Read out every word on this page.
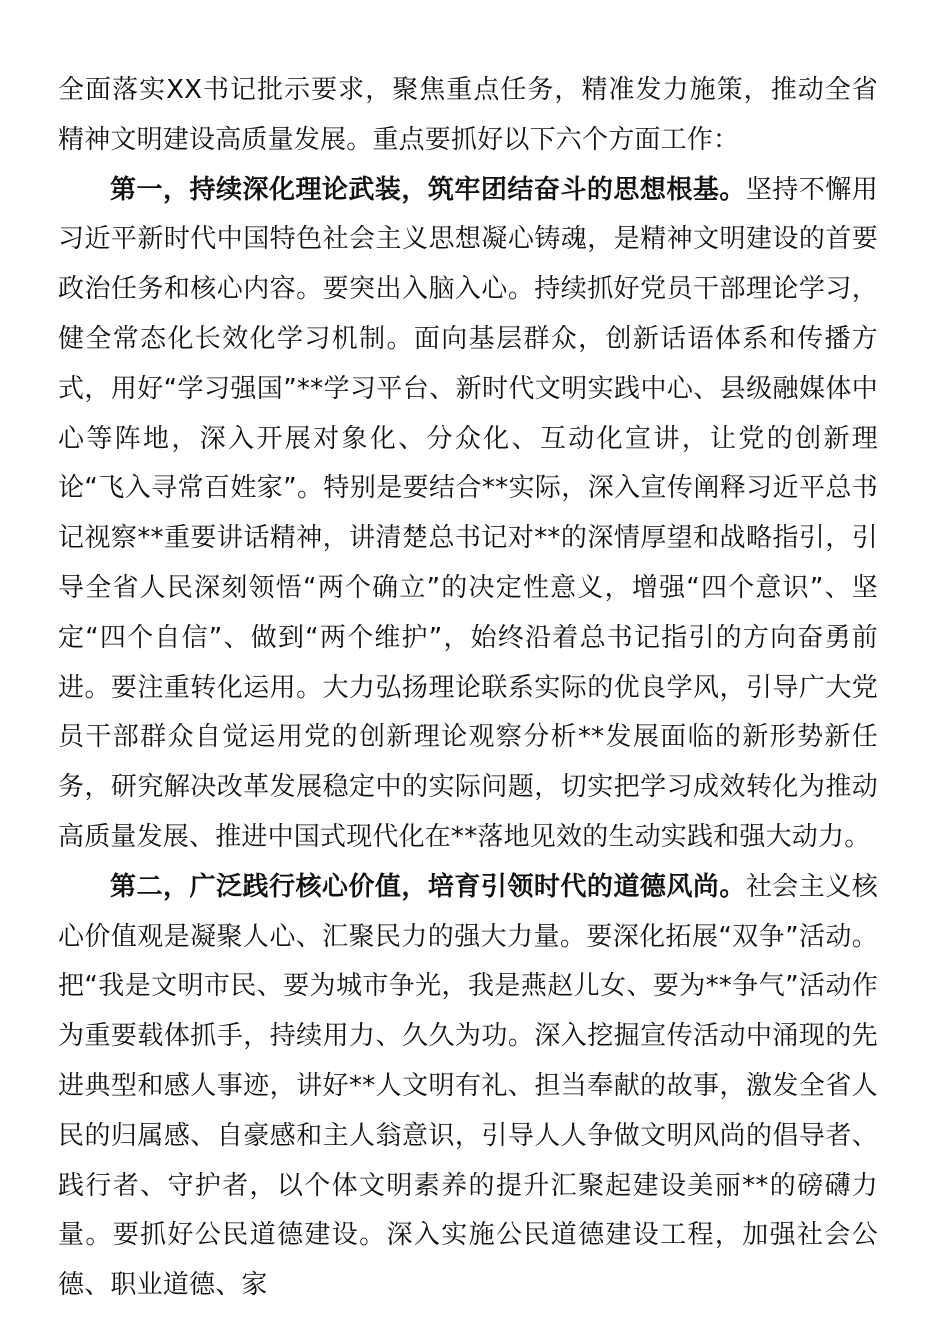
全面落实XX书记批示要求，聚焦重点任务，精准发力施策，推动全省精神文明建设高质量发展。重点要抓好以下六个方面工作：

第一，持续深化理论武装，筑牢团结奋斗的思想根基。坚持不懈用习近平新时代中国特色社会主义思想凝心铸魂，是精神文明建设的首要政治任务和核心内容。要突出入脑入心。持续抓好党员干部理论学习，健全常态化长效化学习机制。面向基层群众，创新话语体系和传播方式，用好“学习强国”**学习平台、新时代文明实践中心、县级融媒体中心等阵地，深入开展对象化、分众化、互动化宣讲，让党的创新理论“飞入寻常百姓家”。特别是要结合**实际，深入宣传阐释习近平总书记视察**重要讲话精神，讲清楚总书记对**的深情厚望和战略指引，引导全省人民深刻领悟“两个确立”的决定性意义，增强“四个意识”、坚定“四个自信”、做到“两个维护”，始终沿着总书记指引的方向奋勇前进。要注重转化运用。大力弘扬理论联系实际的优良学风，引导广大党员干部群众自觉运用党的创新理论观察分析**发展面临的新形势新任务，研究解决改革发展稳定中的实际问题，切实把学习成效转化为推动高质量发展、推进中国式现代化在**落地见效的生动实践和强大动力。

第二，广泛践行核心价值，培育引领时代的道德风尚。社会主义核心价值观是凝聚人心、汇聚民力的强大力量。要深化拓展“双争”活动。把“我是文明市民、要为城市争光，我是燕赵儿女、要为**争气”活动作为重要载体抓手，持续用力、久久为功。深入挖掘宣传活动中涌现的先进典型和感人事迹，讲好**人文明有礼、担当奉献的故事，激发全省人民的归属感、自豪感和主人翁意识，引导人人争做文明风尚的倡导者、践行者、守护者，以个体文明素养的提升汇聚起建设美丽**的磅礴力量。要抓好公民道德建设。深入实施公民道德建设工程，加强社会公德、职业道德、家
